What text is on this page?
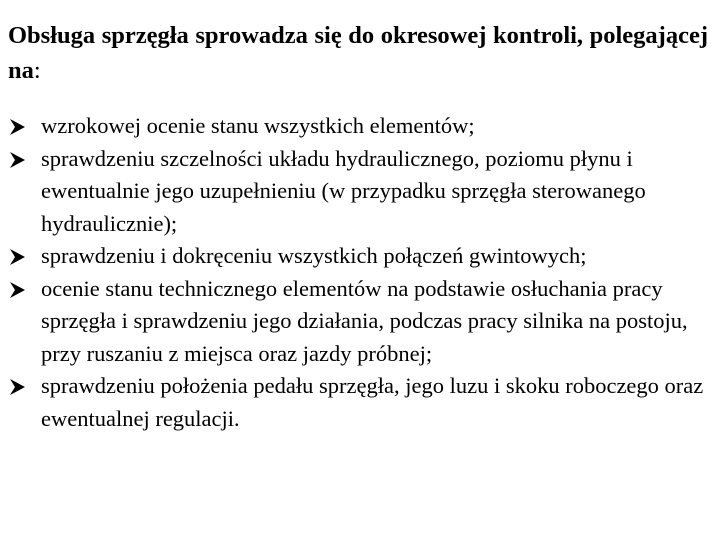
Obsługa sprzęgła sprowadza się do okresowej kontroli, polegającej na:

wzrokowej ocenie stanu wszystkich elementów;
sprawdzeniu szczelności układu hydraulicznego, poziomu płynu i ewentualnie jego uzupełnieniu (w przypadku sprzęgła sterowanego hydraulicznie);
sprawdzeniu i dokręceniu wszystkich połączeń gwintowych;
ocenie stanu technicznego elementów na podstawie osłuchania pracy sprzęgła i sprawdzeniu jego działania, podczas pracy silnika na postoju, przy ruszaniu z miejsca oraz jazdy próbnej;
sprawdzeniu położenia pedału sprzęgła, jego luzu i skoku roboczego oraz ewentualnej regulacji.
